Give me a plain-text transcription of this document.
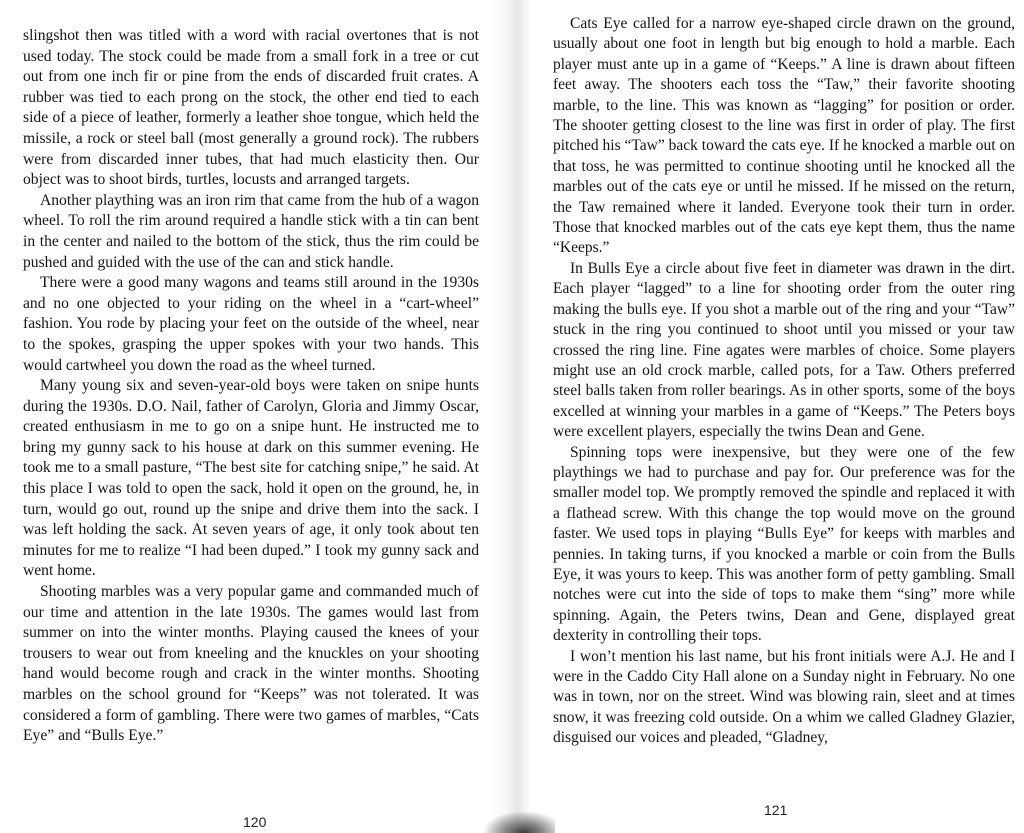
slingshot then was titled with a word with racial overtones that is not used today. The stock could be made from a small fork in a tree or cut out from one inch fir or pine from the ends of discarded fruit crates. A rubber was tied to each prong on the stock, the other end tied to each side of a piece of leather, formerly a leather shoe tongue, which held the missile, a rock or steel ball (most generally a ground rock). The rubbers were from discarded inner tubes, that had much elasticity then. Our object was to shoot birds, turtles, locusts and arranged targets.

Another plaything was an iron rim that came from the hub of a wagon wheel. To roll the rim around required a handle stick with a tin can bent in the center and nailed to the bottom of the stick, thus the rim could be pushed and guided with the use of the can and stick handle.

There were a good many wagons and teams still around in the 1930s and no one objected to your riding on the wheel in a “cart-wheel” fashion. You rode by placing your feet on the outside of the wheel, near to the spokes, grasping the upper spokes with your two hands. This would cartwheel you down the road as the wheel turned.

Many young six and seven-year-old boys were taken on snipe hunts during the 1930s. D.O. Nail, father of Carolyn, Gloria and Jimmy Oscar, created enthusiasm in me to go on a snipe hunt. He instructed me to bring my gunny sack to his house at dark on this summer evening. He took me to a small pasture, “The best site for catching snipe,” he said. At this place I was told to open the sack, hold it open on the ground, he, in turn, would go out, round up the snipe and drive them into the sack. I was left holding the sack. At seven years of age, it only took about ten minutes for me to realize “I had been duped.” I took my gunny sack and went home.

Shooting marbles was a very popular game and commanded much of our time and attention in the late 1930s. The games would last from summer on into the winter months. Playing caused the knees of your trousers to wear out from kneeling and the knuckles on your shooting hand would become rough and crack in the winter months. Shooting marbles on the school ground for “Keeps” was not tolerated. It was considered a form of gambling. There were two games of marbles, “Cats Eye” and “Bulls Eye.”

120

Cats Eye called for a narrow eye-shaped circle drawn on the ground, usually about one foot in length but big enough to hold a marble. Each player must ante up in a game of “Keeps.” A line is drawn about fifteen feet away. The shooters each toss the “Taw,” their favorite shooting marble, to the line. This was known as “lagging” for position or order. The shooter getting closest to the line was first in order of play. The first pitched his “Taw” back toward the cats eye. If he knocked a marble out on that toss, he was permitted to continue shooting until he knocked all the marbles out of the cats eye or until he missed. If he missed on the return, the Taw remained where it landed. Everyone took their turn in order. Those that knocked marbles out of the cats eye kept them, thus the name “Keeps.”

In Bulls Eye a circle about five feet in diameter was drawn in the dirt. Each player “lagged” to a line for shooting order from the outer ring making the bulls eye. If you shot a marble out of the ring and your “Taw” stuck in the ring you continued to shoot until you missed or your taw crossed the ring line. Fine agates were marbles of choice. Some players might use an old crock marble, called pots, for a Taw. Others preferred steel balls taken from roller bearings. As in other sports, some of the boys excelled at winning your marbles in a game of “Keeps.” The Peters boys were excellent players, especially the twins Dean and Gene.

Spinning tops were inexpensive, but they were one of the few playthings we had to purchase and pay for. Our preference was for the smaller model top. We promptly removed the spindle and replaced it with a flathead screw. With this change the top would move on the ground faster. We used tops in playing “Bulls Eye” for keeps with marbles and pennies. In taking turns, if you knocked a marble or coin from the Bulls Eye, it was yours to keep. This was another form of petty gambling. Small notches were cut into the side of tops to make them “sing” more while spinning. Again, the Peters twins, Dean and Gene, displayed great dexterity in controlling their tops.

I won’t mention his last name, but his front initials were A.J. He and I were in the Caddo City Hall alone on a Sunday night in February. No one was in town, nor on the street. Wind was blowing rain, sleet and at times snow, it was freezing cold outside. On a whim we called Gladney Glazier, disguised our voices and pleaded, “Gladney,

121
